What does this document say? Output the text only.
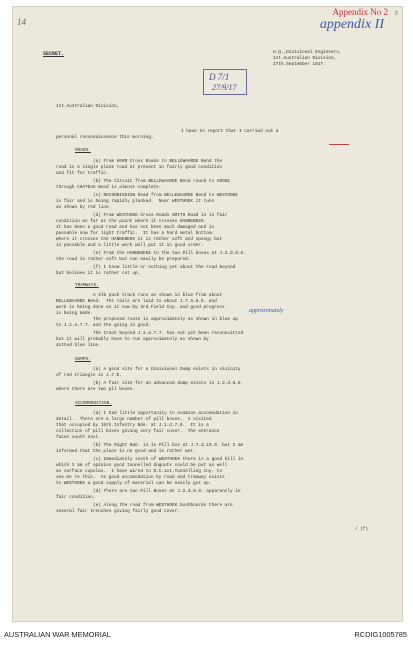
8
Appendix No 2
appendix II
14
D 7/1
27/9/17
SECRET.	H.Q.,Divisional Engineers,
1st.Australian Division,
27th.September 1917.
1st.Australian Division,
I have to report that I carried out a
personal reconnaissance this morning.
ROADS.
(a) From HERR Cross Roads to BELLEWAARDE Bend the
road is a single plank road at present in fairly good condition
and fit for traffic.
(b) The Circuit from BELLEWAARDE Bend round to HOOGE
through CHATEAU Wood is almost complete.
(c) RECONNISSION Road from BELLEWAARDE Bend to WESTHOEK
is fair and is being rapidly planked.  Near WESTHOEK it runs
as shown by red line.
(d) From WESTHOEK Cross Roads SMITH Road is in fair
condition as far as the point where it crosses HANNEBEEK.
It has been a good road and has not been much damaged and is
passable now for light traffic.  It has a hard metal bottom.
Where it crosses the HANNEBEEK it is rather soft and spongy but
is passable and a little work will put it in good order.
(e) From the HANNEBEEK to the two Pill boxes at J.2.d.8.8.
the road is rather soft but can easily be prepared.
(f) I know little or nothing yet about the road beyond
but believe it is rather cut up.
TRAMWAYS.
A 9lb push track runs as shown in blue from about
BELLEWAARDE Bend.  The rails are laid to about J.7.a.8.8. and
work is being done on it now by 3rd.Field Coy. and good progress
is being made.	approximately
The proposed route is approximately as shown in blue up
to J.2.a.7.7. and the going is good.
The track beyond J.2.a.7.7. has not yet been reconnoitred
but it will probably have to run approximately as shown by
dotted blue line.
DUMPS.
(a) A good site for a Divisional Dump exists in vicinity
of red triangle in J.7.b.
(b) A fair site for an advanced dump exists in J.2.d.8.8.
where there are two pil boxes.
ACCOMMODATION.
(a) I had little opportunity to examine accomodation in
detail.  There are a large number of pill boxes.  I visited
that occupied by 15th.Infantry Bde. at J.1.d.7.8.  It is a
collection of pill boxes giving very fair cover.  The entrance
faces south east.
(b) The Right Bde. is in Pill box at J.7.d.10.9. but I am
informed that the place is no good and is rather wet.
(c) Immediately south of WESTHOEK there is a good hill in
which I am of opinion good tunnelled dugouts could be put as well
as surface cupolas.  I have wired to O.C.1st.Tunnelling Coy. to
see me re this.  As good accomodation by road and tramway exists
to WESTHOEK a good supply of material can be easily got up.
(d) There are two Pill Boxes at J.2.d.8.8. apparently in
fair condition.
(e) Along the road from WESTHOEK boshboards there are
several fair trenches giving fairly good cover.
/ (f)
AUSTRALIAN WAR MEMORIAL	RCDIG1005785
